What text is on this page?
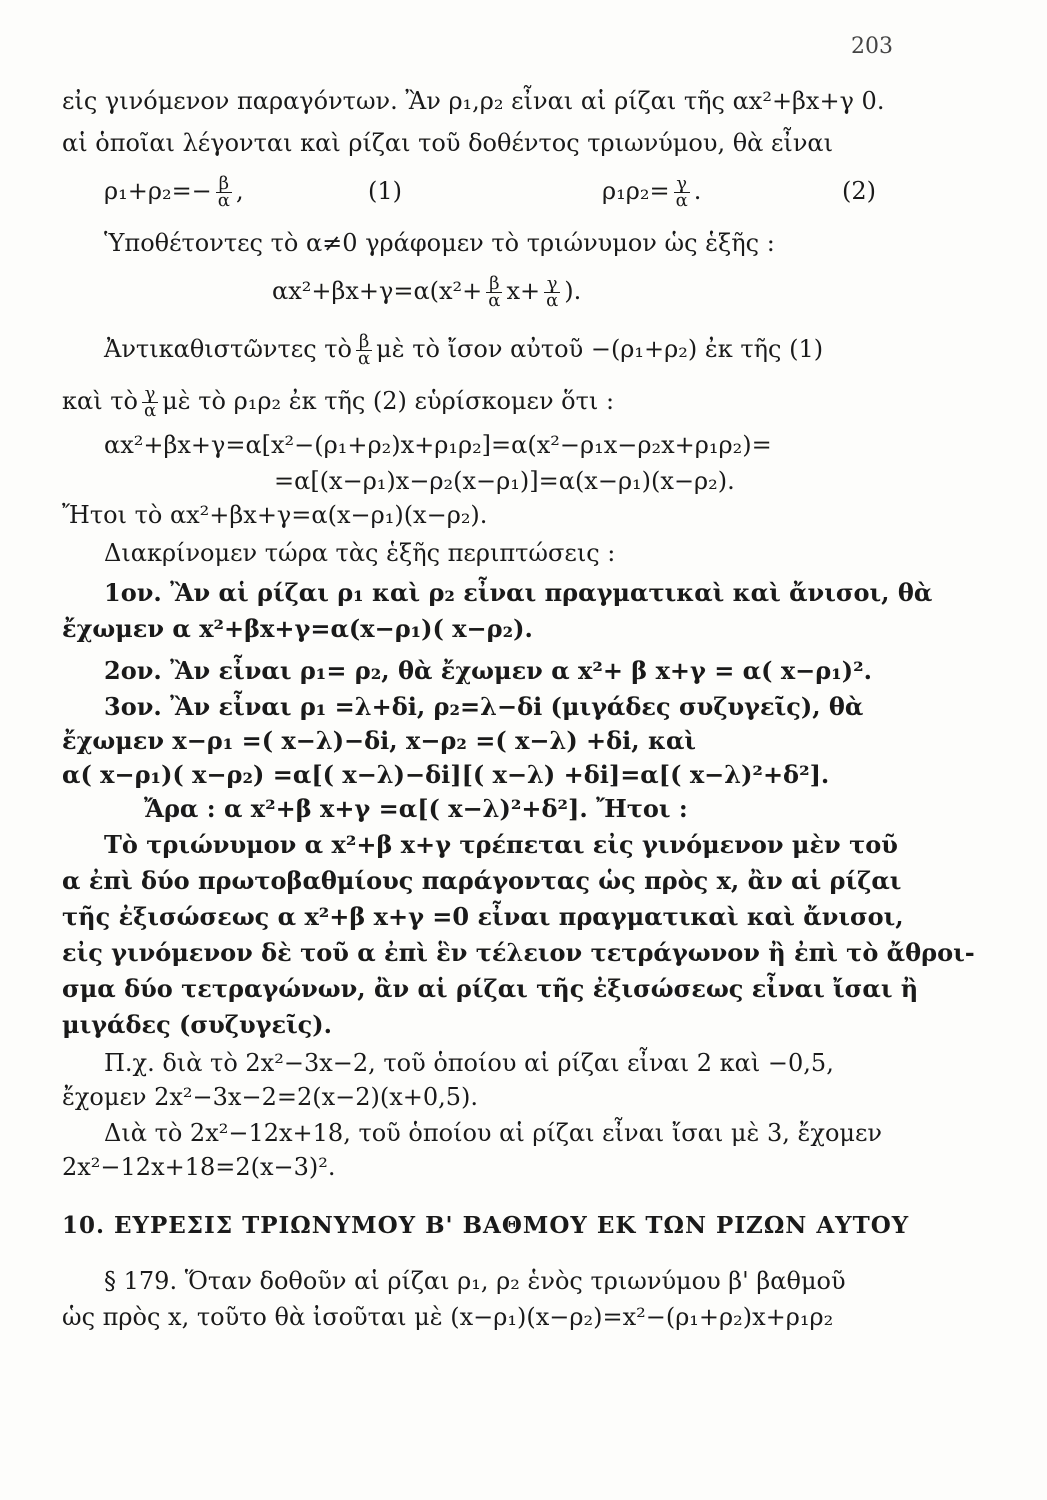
203
εἰς γινόμενον παραγόντων. Ἂν ρ₁,ρ₂ εἶναι αἱ ρίζαι τῆς αx²+βx+γ 0.
αἱ ὁποῖαι λέγονται καὶ ρίζαι τοῦ δοθέντος τριωνύμου, θὰ εἶναι
$\rho_1+\rho_2=- \frac{\beta}{\alpha}$ ,	(1)	$\rho_1\rho_2= \frac{\gamma}{\alpha}$ .	(2)
Ὑποθέτοντες τὸ α≠0 γράφομεν τὸ τριώνυμον ὡς ἑξῆς :
$\alpha x^2+\beta x+\gamma=\alpha(x^2+ \frac{\beta}{\alpha} x+ \frac{\gamma}{\alpha}$ ).
Ἀντικαθιστῶντες τὸ $\frac{\beta}{\alpha}$ μὲ τὸ ἴσον αὐτοῦ −(ρ₁+ρ₂) ἐκ τῆς (1)
καὶ τὸ $\frac{\gamma}{\alpha}$ μὲ τὸ ρ₁ρ₂ ἐκ τῆς (2) εὑρίσκομεν ὅτι :
αx²+βx+γ=α[x²−(ρ₁+ρ₂)x+ρ₁ρ₂]=α(x²−ρ₁x−ρ₂x+ρ₁ρ₂)=
=α[(x−ρ₁)x−ρ₂(x−ρ₁)]=α(x−ρ₁)(x−ρ₂).
Ἤτοι τὸ αx²+βx+γ=α(x−ρ₁)(x−ρ₂).
Διακρίνομεν τώρα τὰς ἑξῆς περιπτώσεις :
1ον. Ἂν αἱ ρίζαι ρ₁ καὶ ρ₂ εἶναι πραγματικαὶ καὶ ἄνισοι, θὰ
ἔχωμεν α x²+βx+γ=α(x−ρ₁)( x−ρ₂).
2ον. Ἂν εἶναι ρ₁= ρ₂, θὰ ἔχωμεν α x²+ β x+γ = α( x−ρ₁)².
3ον. Ἂν εἶναι ρ₁ =λ+δi, ρ₂=λ−δi (μιγάδες συζυγεῖς), θὰ
ἔχωμεν x−ρ₁ =( x−λ)−δi, x−ρ₂ =( x−λ) +δi, καὶ
α( x−ρ₁)( x−ρ₂) =α[( x−λ)−δi][( x−λ) +δi]=α[( x−λ)²+δ²].
Ἄρα : α x²+β x+γ =α[( x−λ)²+δ²]. Ἤτοι :
Τὸ τριώνυμον α x²+β x+γ τρέπεται εἰς γινόμενον μὲν τοῦ
α ἐπὶ δύο πρωτοβαθμίους παράγοντας ὡς πρὸς x, ἂν αἱ ρίζαι
τῆς ἐξισώσεως α x²+β x+γ =0 εἶναι πραγματικαὶ καὶ ἄνισοι,
εἰς γινόμενον δὲ τοῦ α ἐπὶ ἓν τέλειον τετράγωνον ἢ ἐπὶ τὸ ἄθροι-
σμα δύο τετραγώνων, ἂν αἱ ρίζαι τῆς ἐξισώσεως εἶναι ἴσαι ἢ
μιγάδες (συζυγεῖς).
Π.χ. διὰ τὸ 2x²−3x−2, τοῦ ὁποίου αἱ ρίζαι εἶναι 2 καὶ −0,5,
ἔχομεν 2x²−3x−2=2(x−2)(x+0,5).
Διὰ τὸ 2x²−12x+18, τοῦ ὁποίου αἱ ρίζαι εἶναι ἴσαι μὲ 3, ἔχομεν
2x²−12x+18=2(x−3)².
10. ΕΥΡΕΣΙΣ ΤΡΙΩΝΥΜΟΥ Β' ΒΑΘΜΟΥ ΕΚ ΤΩΝ ΡΙΖΩΝ ΑΥΤΟΥ
§ 179. Ὅταν δοθοῦν αἱ ρίζαι ρ₁, ρ₂ ἑνὸς τριωνύμου β' βαθμοῦ
ὡς πρὸς x, τοῦτο θὰ ἰσοῦται μὲ (x−ρ₁)(x−ρ₂)=x²−(ρ₁+ρ₂)x+ρ₁ρ₂
